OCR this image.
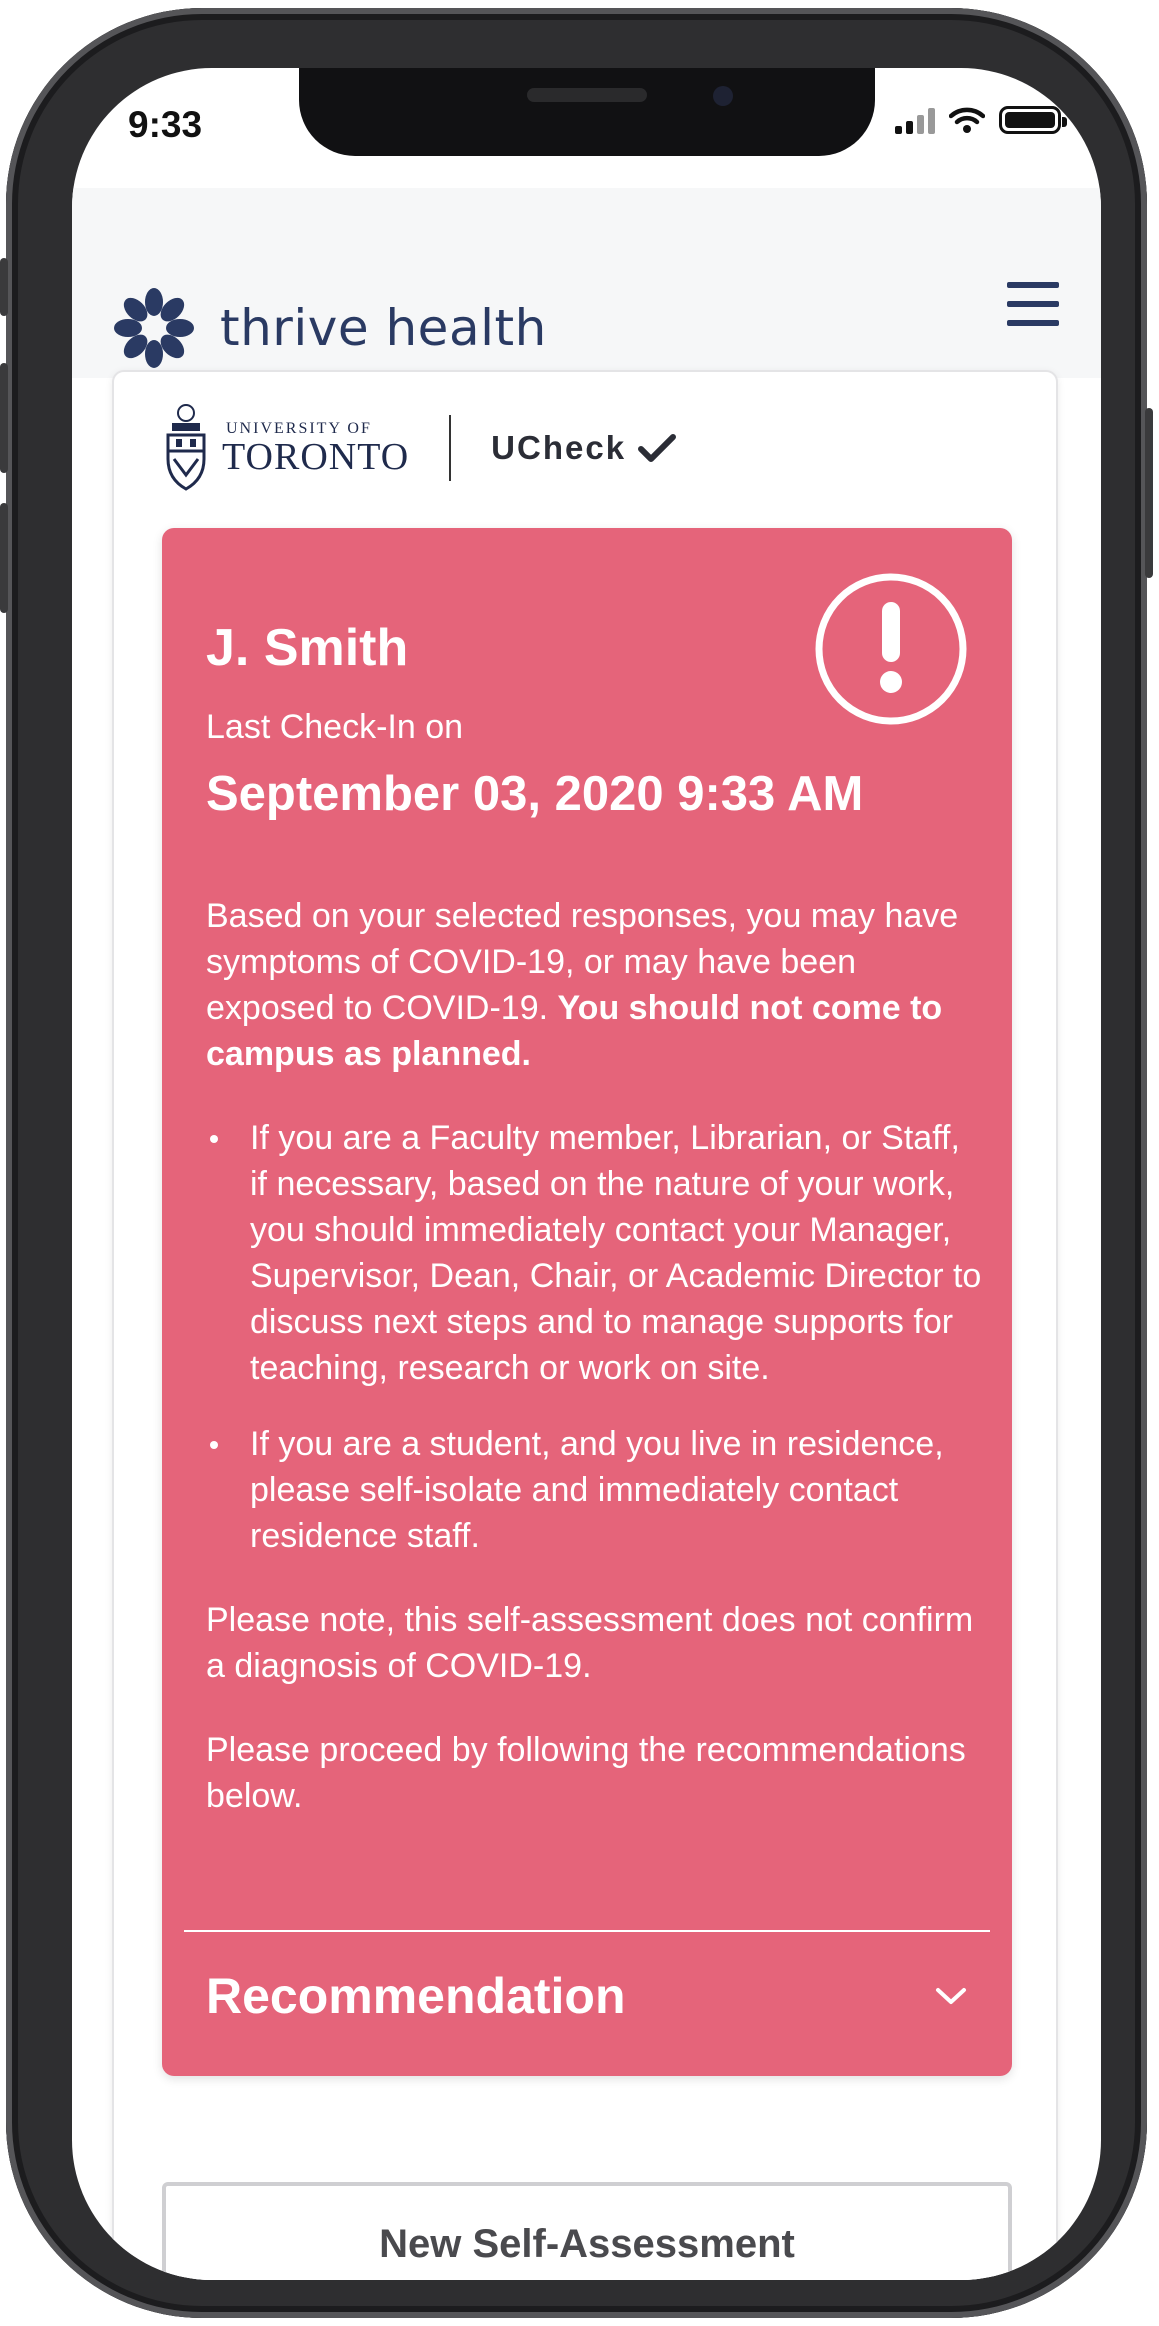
9:33
thrive health
UNIVERSITY OF
TORONTO UCheck
J. Smith
Last Check-In on
September 03, 2020 9:33 AM

Based on your selected responses, you may have symptoms of COVID-19, or may have been exposed to COVID-19. You should not come to campus as planned.

If you are a Faculty member, Librarian, or Staff, if necessary, based on the nature of your work, you should immediately contact your Manager, Supervisor, Dean, Chair, or Academic Director to discuss next steps and to manage supports for teaching, research or work on site.
If you are a student, and you live in residence, please self-isolate and immediately contact residence staff.

Please note, this self-assessment does not confirm a diagnosis of COVID-19.

Please proceed by following the recommendations below.

Recommendation
New Self-Assessment
